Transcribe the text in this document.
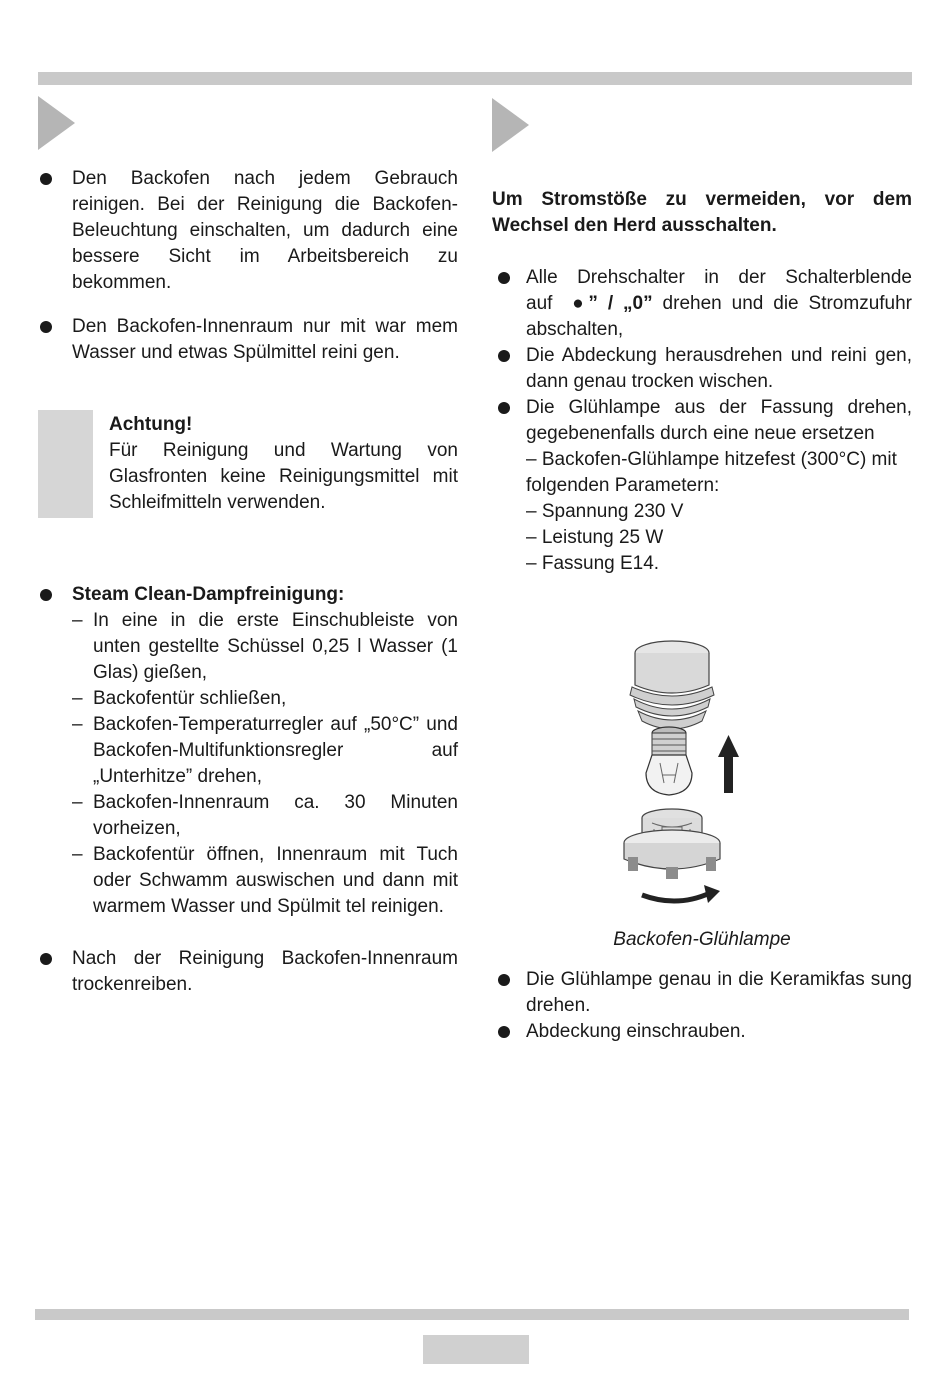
Den Backofen nach jedem Gebrauch reinigen. Bei der Reinigung die Backofen-Beleuchtung einschalten, um dadurch eine bessere Sicht im Arbeitsbereich zu bekommen.

Den Backofen-Innenraum nur mit war mem Wasser und etwas Spülmittel reini gen.

Achtung!

Für Reinigung und Wartung von Glasfronten keine Reinigungsmittel mit Schleifmitteln verwenden.

Steam Clean-Dampfreinigung:

– In eine in die erste Einschubleiste von unten gestellte Schüssel 0,25 l Wasser (1 Glas) gießen,

– Backofentür schließen,

– Backofen-Temperaturregler auf „50°C” und Backofen-Multifunktionsregler auf „Unterhitze” drehen,

– Backofen-Innenraum ca. 30 Minuten vorheizen,

– Backofentür öffnen, Innenraum mit Tuch oder Schwamm auswischen und dann mit warmem Wasser und Spülmit tel reinigen.

Nach der Reinigung Backofen-Innenraum trockenreiben.

Um Stromstöße zu vermeiden, vor dem Wechsel den Herd ausschalten.

Alle Drehschalter in der Schalterblende auf ●” / „0” drehen und die Stromzufuhr abschalten,

Die Abdeckung herausdrehen und reini gen, dann genau trocken wischen.

Die Glühlampe aus der Fassung drehen, gegebenenfalls durch eine neue ersetzen

– Backofen-Glühlampe hitzefest (300°C) mit folgenden Parametern:

– Spannung 230 V

– Leistung 25 W

– Fassung E14.

Backofen-Glühlampe

Die Glühlampe genau in die Keramikfas sung drehen.

Abdeckung einschrauben.
